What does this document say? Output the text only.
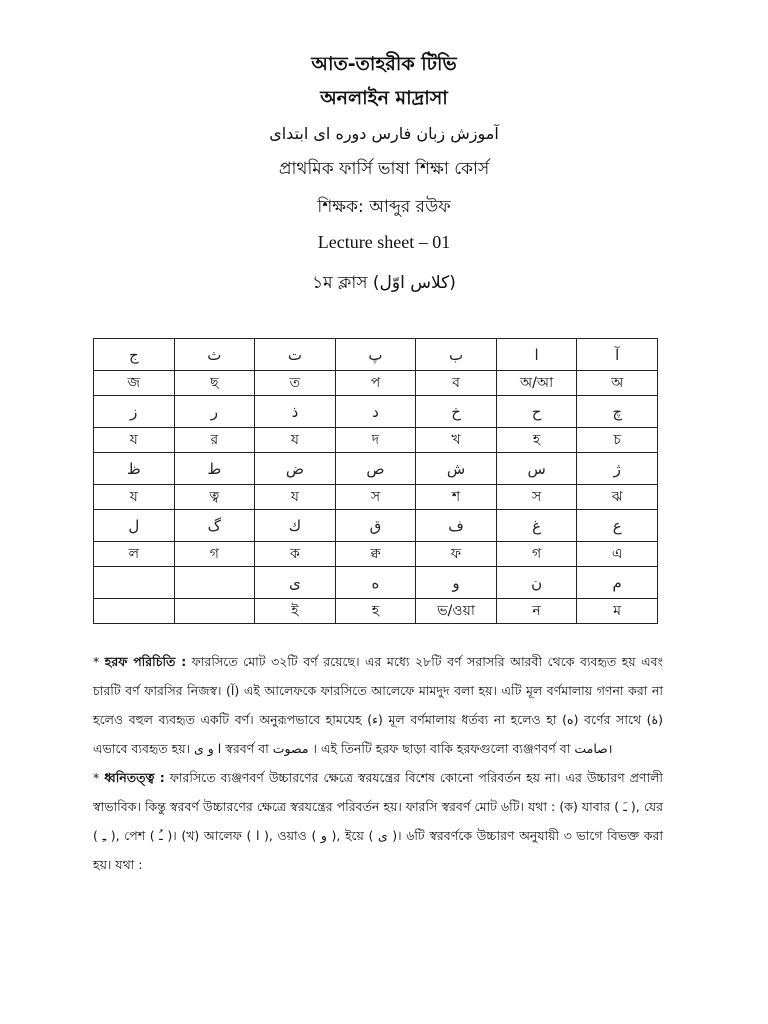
আত-তাহরীক টিভি
অনলাইন মাদ্রাসা
آموزش زبان فارس دوره ای ابتدای
প্রাথমিক ফার্সি ভাষা শিক্ষা কোর্স
শিক্ষক: আব্দুর রউফ
Lecture sheet – 01
১ম ক্লাস (کلاس اوّل)
ج	ث	ت	پ	ب	ا	آ
জ	ছ	ত	প	ব	অ/আ	অ
ز	ر	ذ	د	خ	ح	چ
য	র	য	দ	খ	হ	চ
ظ	ط	ض	ص	ش	س	ژ
য	ত্ব	য	স	শ	স	ঝ
ل	گ	ك	ق	ف	غ	ع
ল	গ	ক	ক্ব	ফ	গ	এ
		ی	ه	و	ن	م
		ই	হ	ভ/ওয়া	ন	ম
* হরফ পরিচিতি : ফারসিতে মোট ৩২টি বর্ণ রয়েছে। এর মধ্যে ২৮টি বর্ণ সরাসরি আরবী থেকে ব্যবহৃত হয় এবং চারটি বর্ণ ফারসির নিজস্ব। (آ) এই আলেফকে ফারসিতে আলেফে মামদুদ বলা হয়। এটি মূল বর্ণমালায় গণনা করা না হলেও বহুল ব্যবহৃত একটি বর্ণ। অনুরূপভাবে হামযেহ (ء) মূল বর্ণমালায় ধর্তব্য না হলেও হা (ه) বর্ণের সাথে (ۀ) এভাবে ব্যবহৃত হয়। ا و ی স্বরবর্ণ বা مصوت । এই তিনটি হরফ ছাড়া বাকি হরফগুলো ব্যঞ্জণবর্ণ বা صامت।
* ধ্বনিতত্ত্ব : ফারসিতে ব্যঞ্জণবর্ণ উচ্চারণের ক্ষেত্রে স্বরযন্ত্রের বিশেষ কোনো পরিবর্তন হয় না। এর উচ্চারণ প্রণালী স্বাভাবিক। কিন্তু স্বরবর্ণ উচ্চারণের ক্ষেত্রে স্বরযন্ত্রের পরিবর্তন হয়। ফারসি স্বরবর্ণ মোট ৬টি। যথা : (ক) যাবার ( ـَ ), যের ( ـِ ), পেশ ( ـُ )। (খ) আলেফ ( ا ), ওয়াও ( و ), ইয়ে ( ی )। ৬টি স্বরবর্ণকে উচ্চারণ অনুযায়ী ৩ ভাগে বিভক্ত করা হয়। যথা :
